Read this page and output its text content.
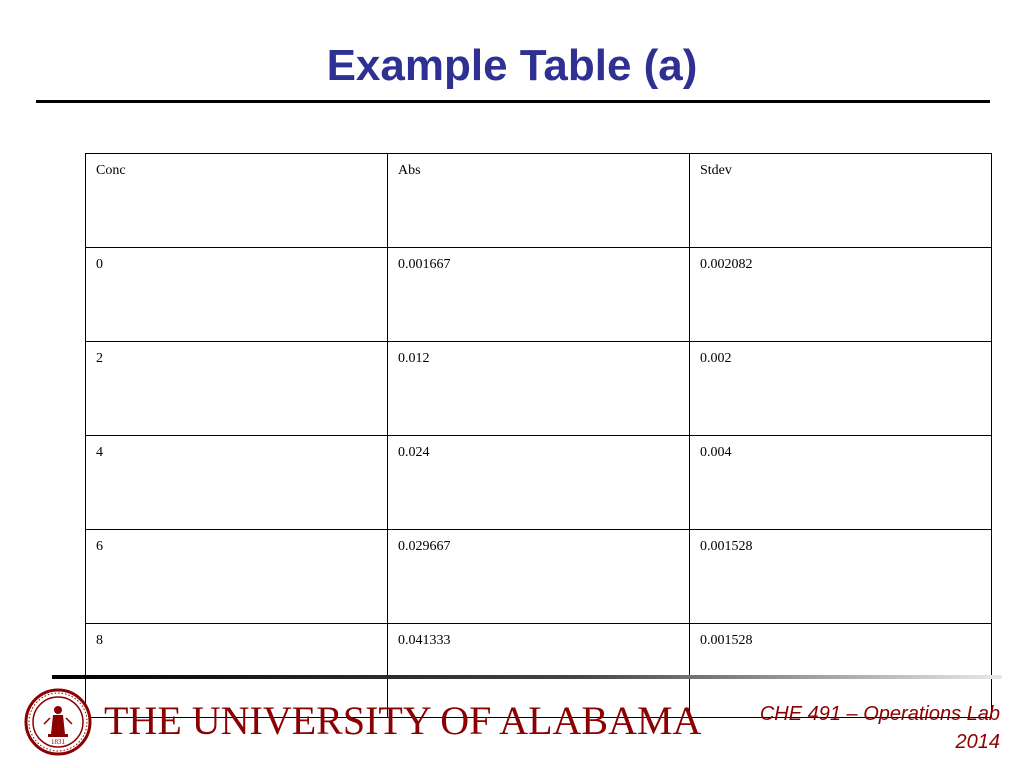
Example Table (a)
Conc	Abs	Stdev
0	0.001667	0.002082
2	0.012	0.002
4	0.024	0.004
6	0.029667	0.001528
8	0.041333	0.001528
1831 THE UNIVERSITY OF ALABAMA	CHE 491 – Operations Lab
2014
